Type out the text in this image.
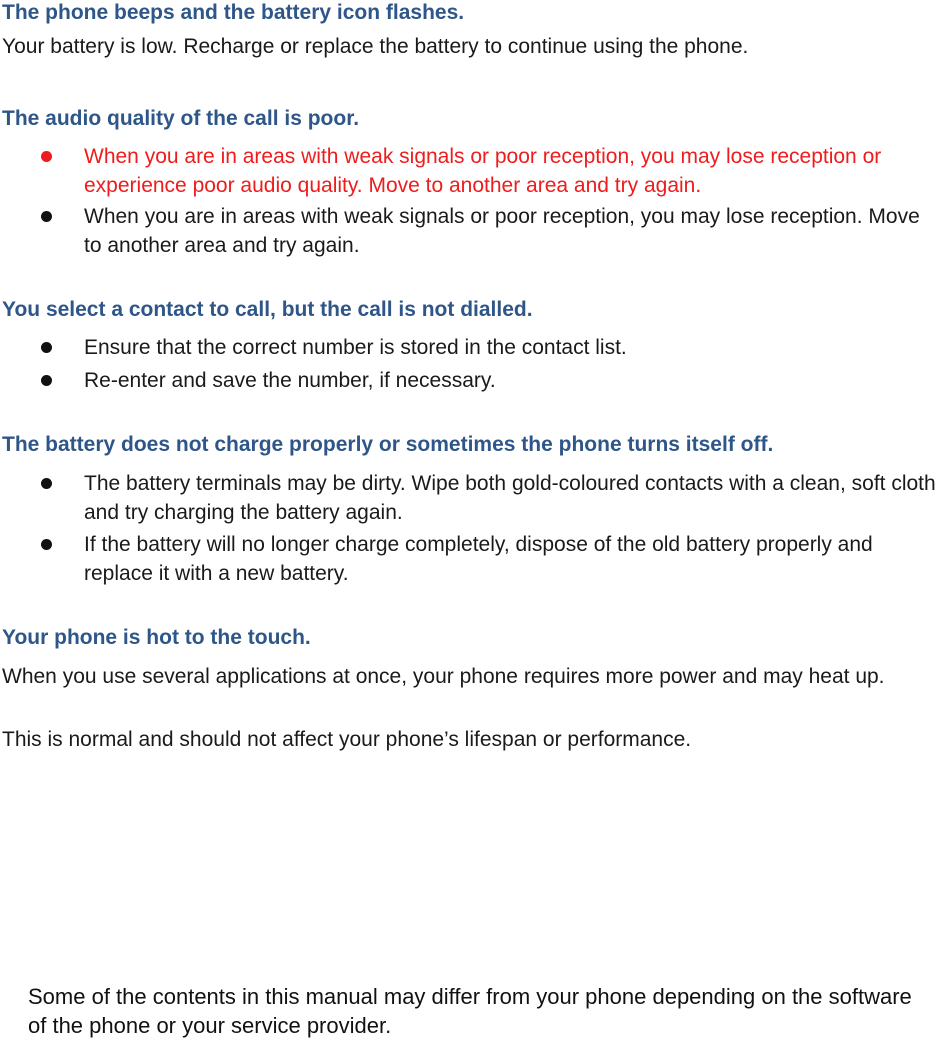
The phone beeps and the battery icon flashes.

Your battery is low. Recharge or replace the battery to continue using the phone.

The audio quality of the call is poor.
When you are in areas with weak signals or poor reception, you may lose reception or experience poor audio quality. Move to another area and try again.
When you are in areas with weak signals or poor reception, you may lose reception. Move to another area and try again.
You select a contact to call, but the call is not dialled.
Ensure that the correct number is stored in the contact list.
Re-enter and save the number, if necessary.
The battery does not charge properly or sometimes the phone turns itself off.
The battery terminals may be dirty. Wipe both gold-coloured contacts with a clean, soft cloth and try charging the battery again.
If the battery will no longer charge completely, dispose of the old battery properly and replace it with a new battery.
Your phone is hot to the touch.

When you use several applications at once, your phone requires more power and may heat up.

This is normal and should not affect your phone’s lifespan or performance.

Some of the contents in this manual may differ from your phone depending on the software of the phone or your service provider.
